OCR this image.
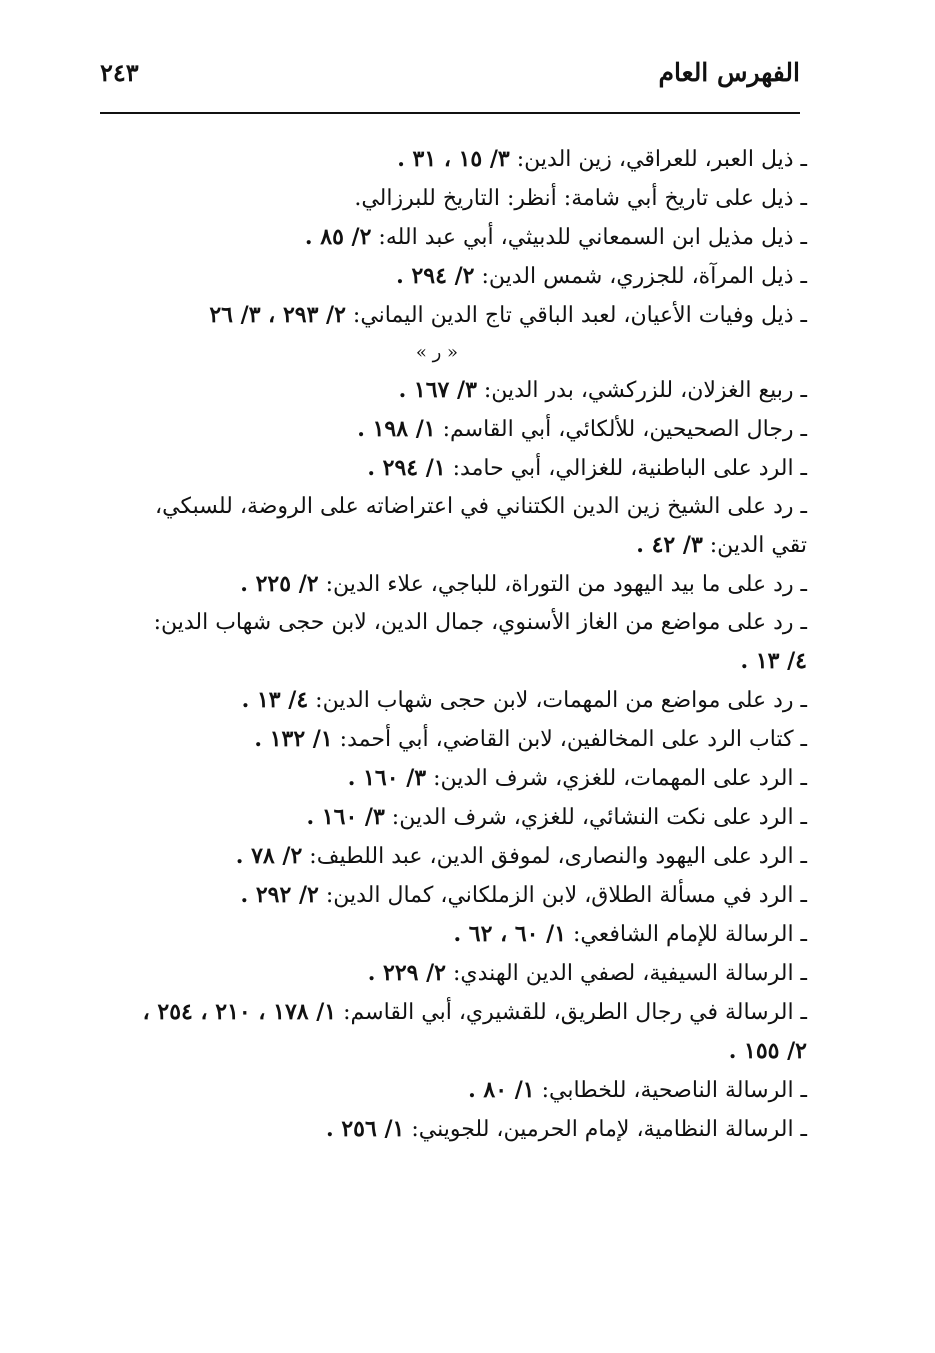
الفهرس العام
٢٤٣
ـ ذيل العبر، للعراقي، زين الدين: ٣/ ١٥ ، ٣١ .
ـ ذيل على تاريخ أبي شامة: أنظر: التاريخ للبرزالي.
ـ ذيل مذيل ابن السمعاني للدبيثي، أبي عبد الله: ٢/ ٨٥ .
ـ ذيل المرآة، للجزري، شمس الدين: ٢/ ٢٩٤ .
ـ ذيل وفيات الأعيان، لعبد الباقي تاج الدين اليماني: ٢/ ٢٩٣ ، ٣/ ٢٦
« ر »
ـ ربيع الغزلان، للزركشي، بدر الدين: ٣/ ١٦٧ .
ـ رجال الصحيحين، للألكائي، أبي القاسم: ١/ ١٩٨ .
ـ الرد على الباطنية، للغزالي، أبي حامد: ١/ ٢٩٤ .
ـ رد على الشيخ زين الدين الكتناني في اعتراضاته على الروضة، للسبكي، تقي الدين: ٣/ ٤٢ .
ـ رد على ما بيد اليهود من التوراة، للباجي، علاء الدين: ٢/ ٢٢٥ .
ـ رد على مواضع من الغاز الأسنوي، جمال الدين، لابن حجى شهاب الدين: ٤/ ١٣ .
ـ رد على مواضع من المهمات، لابن حجى شهاب الدين: ٤/ ١٣ .
ـ كتاب الرد على المخالفين، لابن القاضي، أبي أحمد: ١/ ١٣٢ .
ـ الرد على المهمات، للغزي، شرف الدين: ٣/ ١٦٠ .
ـ الرد على نكت النشائي، للغزي، شرف الدين: ٣/ ١٦٠ .
ـ الرد على اليهود والنصارى، لموفق الدين، عبد اللطيف: ٢/ ٧٨ .
ـ الرد في مسألة الطلاق، لابن الزملكاني، كمال الدين: ٢/ ٢٩٢ .
ـ الرسالة للإمام الشافعي: ١/ ٦٠ ، ٦٢ .
ـ الرسالة السيفية، لصفي الدين الهندي: ٢/ ٢٢٩ .
ـ الرسالة في رجال الطريق، للقشيري، أبي القاسم: ١/ ١٧٨ ، ٢١٠ ، ٢٥٤ ، ٢/ ١٥٥ .
ـ الرسالة الناصحية، للخطابي: ١/ ٨٠ .
ـ الرسالة النظامية، لإمام الحرمين، للجويني: ١/ ٢٥٦ .
